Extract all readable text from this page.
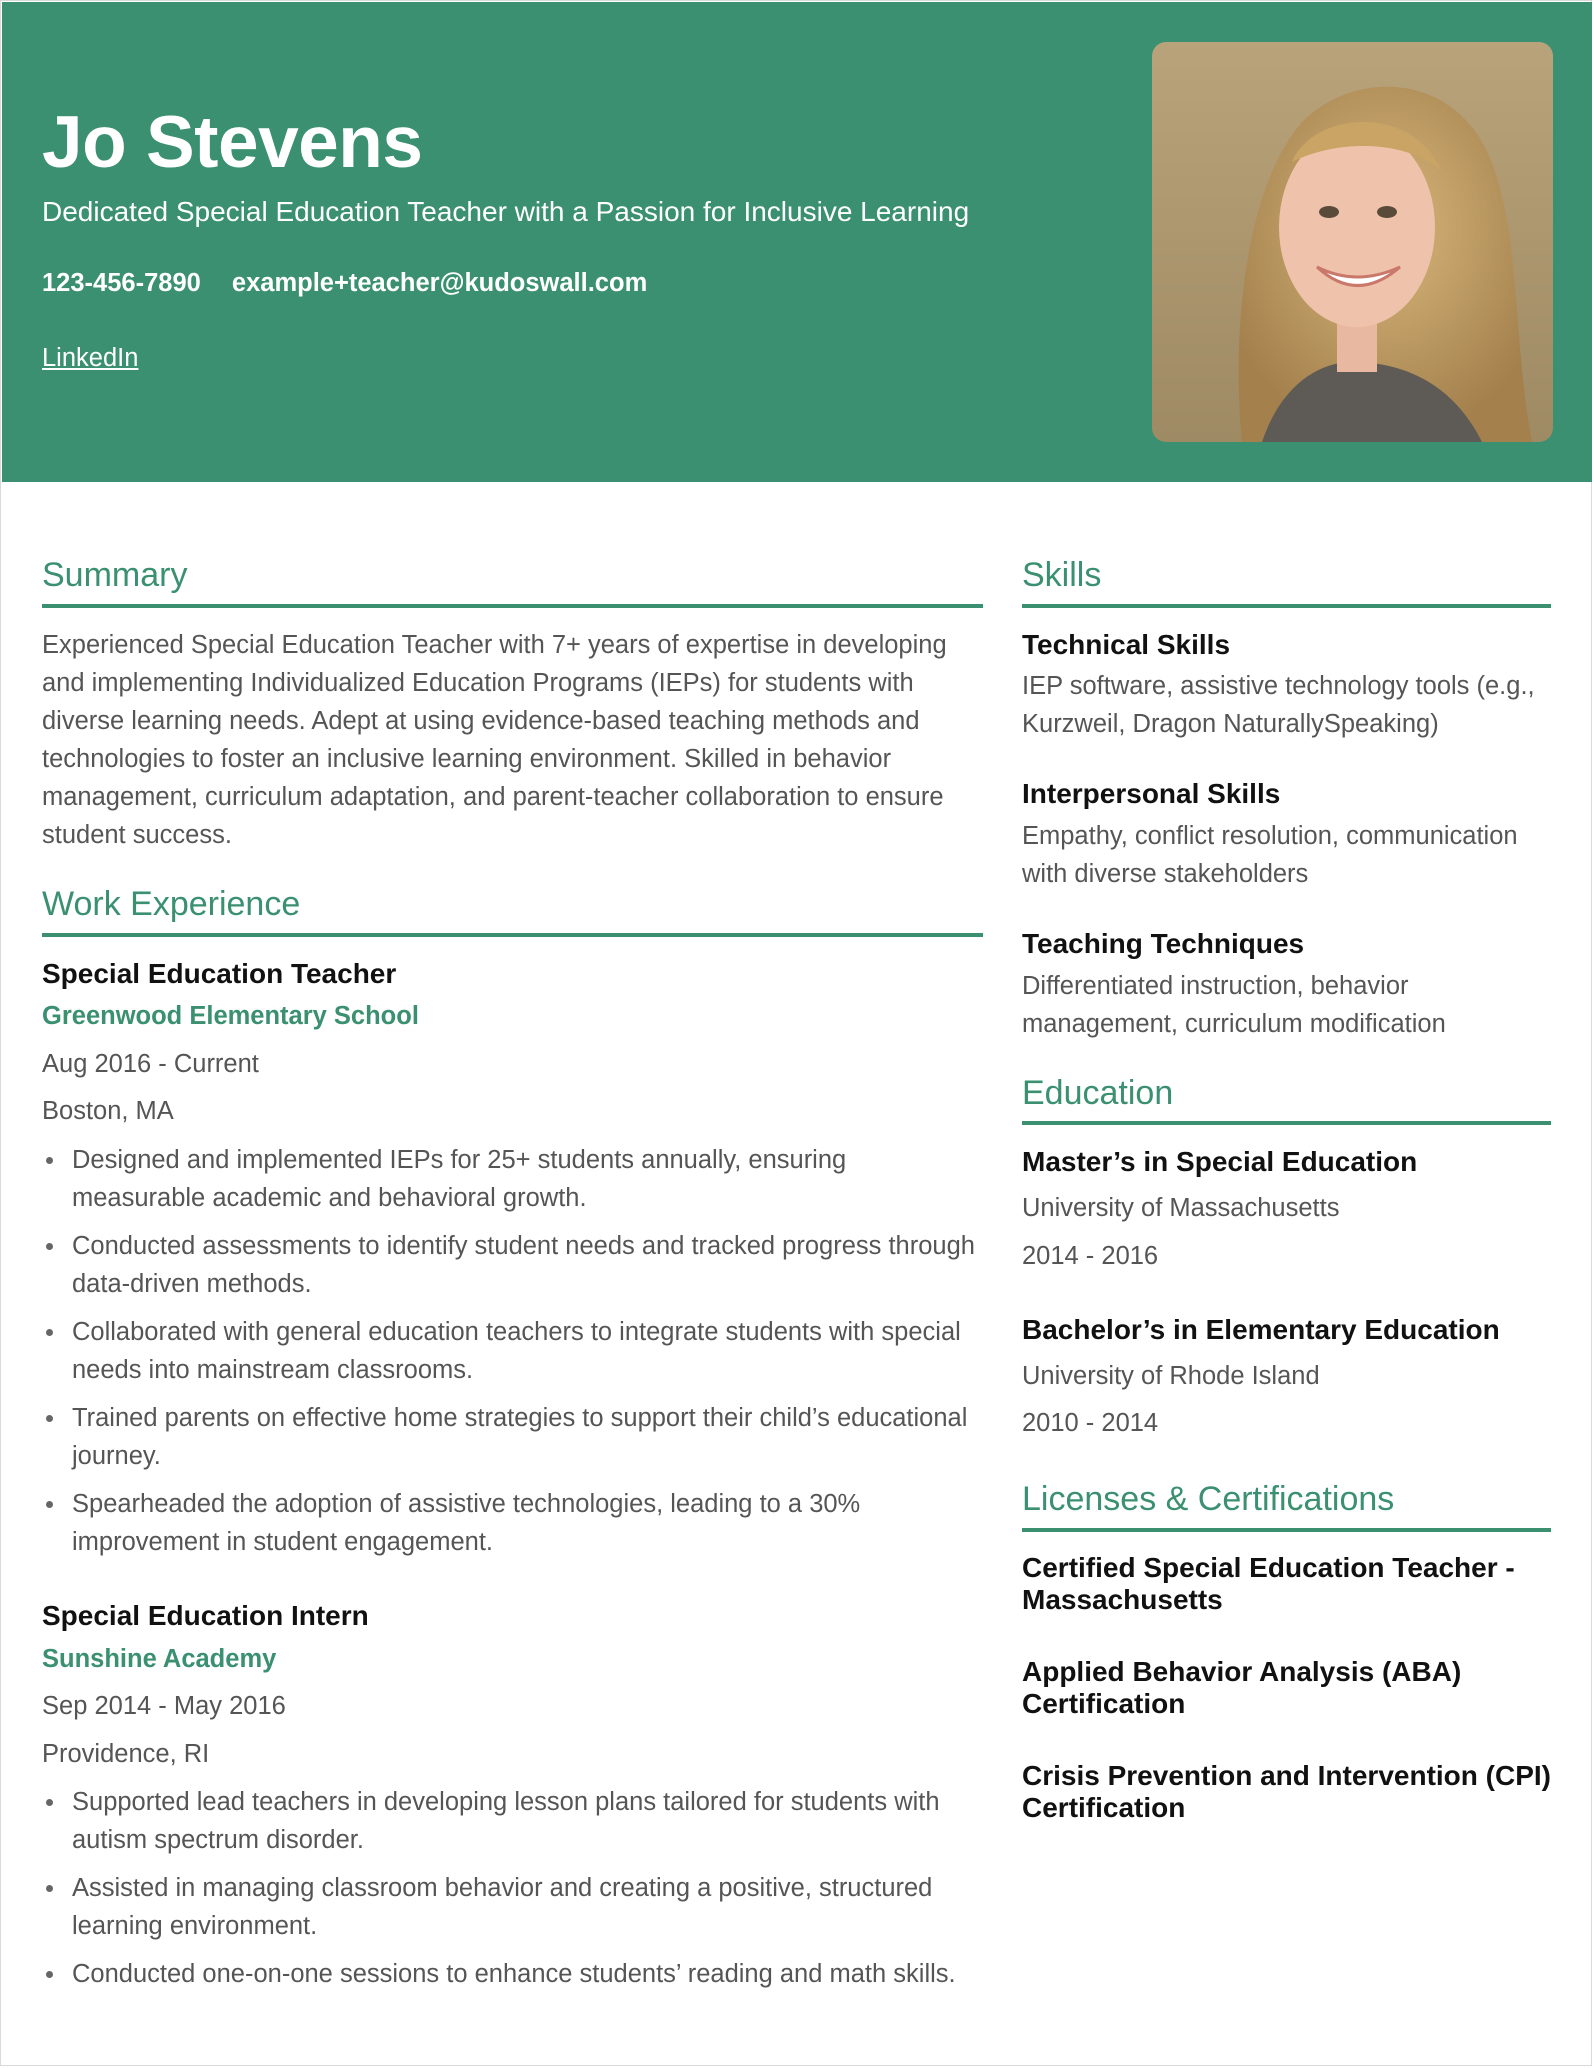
Jo Stevens
Dedicated Special Education Teacher with a Passion for Inclusive Learning
123-456-7890 example+teacher@kudoswall.com
LinkedIn
Summary

Experienced Special Education Teacher with 7+ years of expertise in developing and implementing Individualized Education Programs (IEPs) for students with diverse learning needs. Adept at using evidence-based teaching methods and technologies to foster an inclusive learning environment. Skilled in behavior management, curriculum adaptation, and parent-teacher collaboration to ensure student success.

Work Experience
Special Education Teacher
Greenwood Elementary School
Aug 2016 - Current
Boston, MA
Designed and implemented IEPs for 25+ students annually, ensuring measurable academic and behavioral growth.
Conducted assessments to identify student needs and tracked progress through data-driven methods.
Collaborated with general education teachers to integrate students with special needs into mainstream classrooms.
Trained parents on effective home strategies to support their child’s educational journey.
Spearheaded the adoption of assistive technologies, leading to a 30% improvement in student engagement.
Special Education Intern
Sunshine Academy
Sep 2014 - May 2016
Providence, RI
Supported lead teachers in developing lesson plans tailored for students with autism spectrum disorder.
Assisted in managing classroom behavior and creating a positive, structured learning environment.
Conducted one-on-one sessions to enhance students’ reading and math skills.
Skills
Technical Skills
IEP software, assistive technology tools (e.g., Kurzweil, Dragon NaturallySpeaking)
Interpersonal Skills
Empathy, conflict resolution, communication with diverse stakeholders
Teaching Techniques
Differentiated instruction, behavior management, curriculum modification
Education
Master’s in Special Education
University of Massachusetts
2014 - 2016
Bachelor’s in Elementary Education
University of Rhode Island
2010 - 2014
Licenses & Certifications
Certified Special Education Teacher - Massachusetts
Applied Behavior Analysis (ABA) Certification
Crisis Prevention and Intervention (CPI) Certification
